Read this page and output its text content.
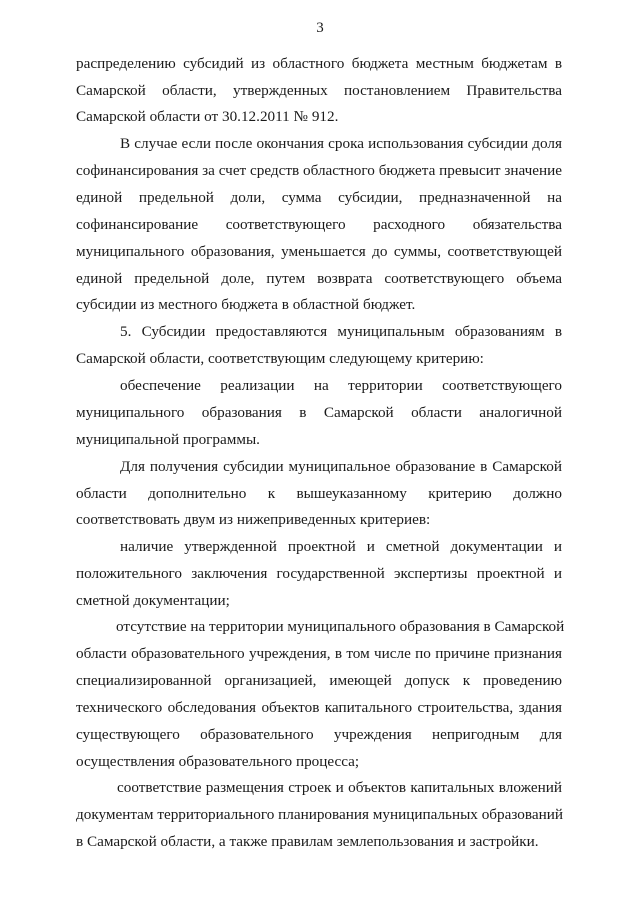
3
распределению субсидий из областного бюджета местным бюджетам в
Самарской области, утвержденных постановлением Правительства
Самарской области от 30.12.2011 № 912.
В случае если после окончания срока использования субсидии доля
софинансирования за счет средств областного бюджета превысит значение
единой предельной доли, сумма субсидии, предназначенной на
софинансирование соответствующего расходного обязательства
муниципального образования, уменьшается до суммы, соответствующей
единой предельной доле, путем возврата соответствующего объема
субсидии из местного бюджета в областной бюджет.
5. Субсидии предоставляются муниципальным образованиям в
Самарской области, соответствующим следующему критерию:
обеспечение реализации на территории соответствующего
муниципального образования в Самарской области аналогичной
муниципальной программы.
Для получения субсидии муниципальное образование в Самарской
области дополнительно к вышеуказанному критерию должно
соответствовать двум из нижеприведенных критериев:
наличие утвержденной проектной и сметной документации и
положительного заключения государственной экспертизы проектной и
сметной документации;
отсутствие на территории муниципального образования в Самарской
области образовательного учреждения, в том числе по причине признания
специализированной организацией, имеющей допуск к проведению
технического обследования объектов капитального строительства, здания
существующего образовательного учреждения непригодным для
осуществления образовательного процесса;
соответствие размещения строек и объектов капитальных вложений
документам территориального планирования муниципальных образований
в Самарской области, а также правилам землепользования и застройки.
